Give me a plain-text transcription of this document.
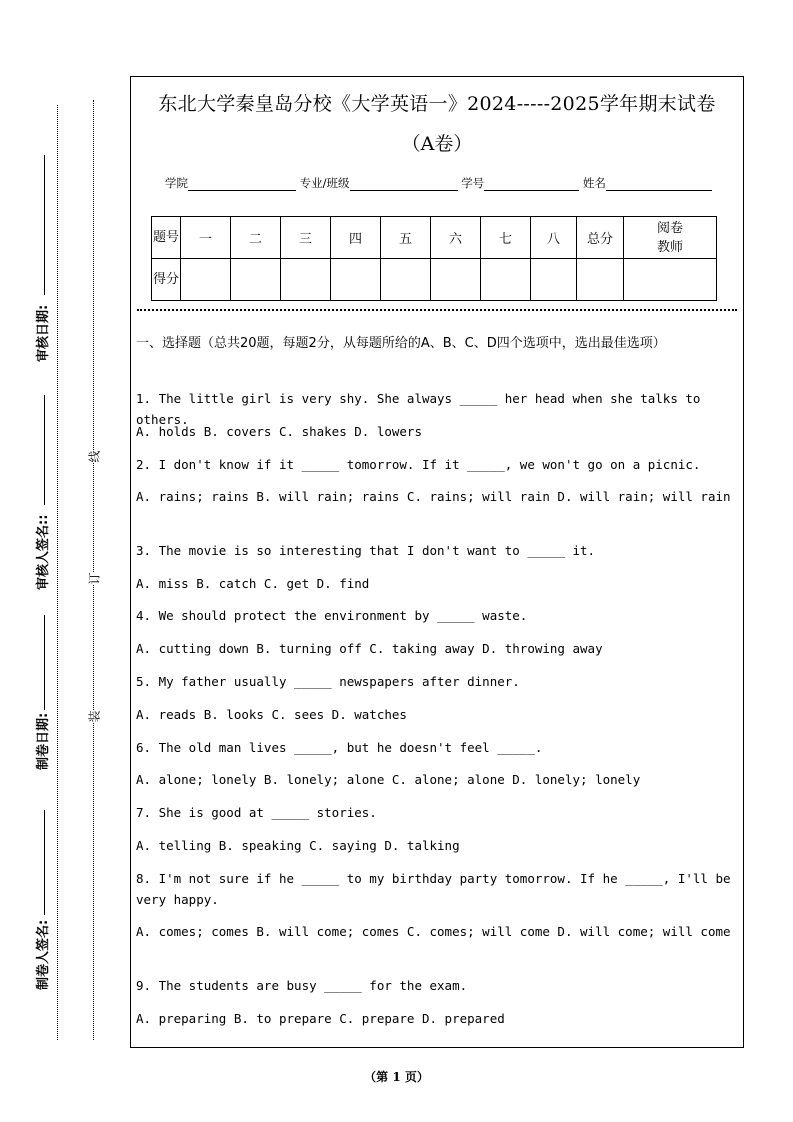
审核日期:
审核人签名::
制卷日期:
制卷人签名:
线
订
装
东北大学秦皇岛分校《大学英语一》2024-----2025学年期末试卷
（A卷）
学院	专业/班级	学号	姓名
题号	一	二	三	四	五	六	七	八	总分	阅卷教师
得分										
一、选择题（总共20题，每题2分，从每题所给的A、B、C、D四个选项中，选出最佳选项）
1. The little girl is very shy. She always _____ her head when she talks to others.
A. holds B. covers C. shakes D. lowers
2. I don't know if it _____ tomorrow. If it _____, we won't go on a picnic.
A. rains; rains B. will rain; rains C. rains; will rain D. will rain; will rain
3. The movie is so interesting that I don't want to _____ it.
A. miss B. catch C. get D. find
4. We should protect the environment by _____ waste.
A. cutting down B. turning off C. taking away D. throwing away
5. My father usually _____ newspapers after dinner.
A. reads B. looks C. sees D. watches
6. The old man lives _____, but he doesn't feel _____.
A. alone; lonely B. lonely; alone C. alone; alone D. lonely; lonely
7. She is good at _____ stories.
A. telling B. speaking C. saying D. talking
8. I'm not sure if he _____ to my birthday party tomorrow. If he _____, I'll be very happy.
A. comes; comes B. will come; comes C. comes; will come D. will come; will come
9. The students are busy _____ for the exam.
A. preparing B. to prepare C. prepare D. prepared
（第 1 页）
